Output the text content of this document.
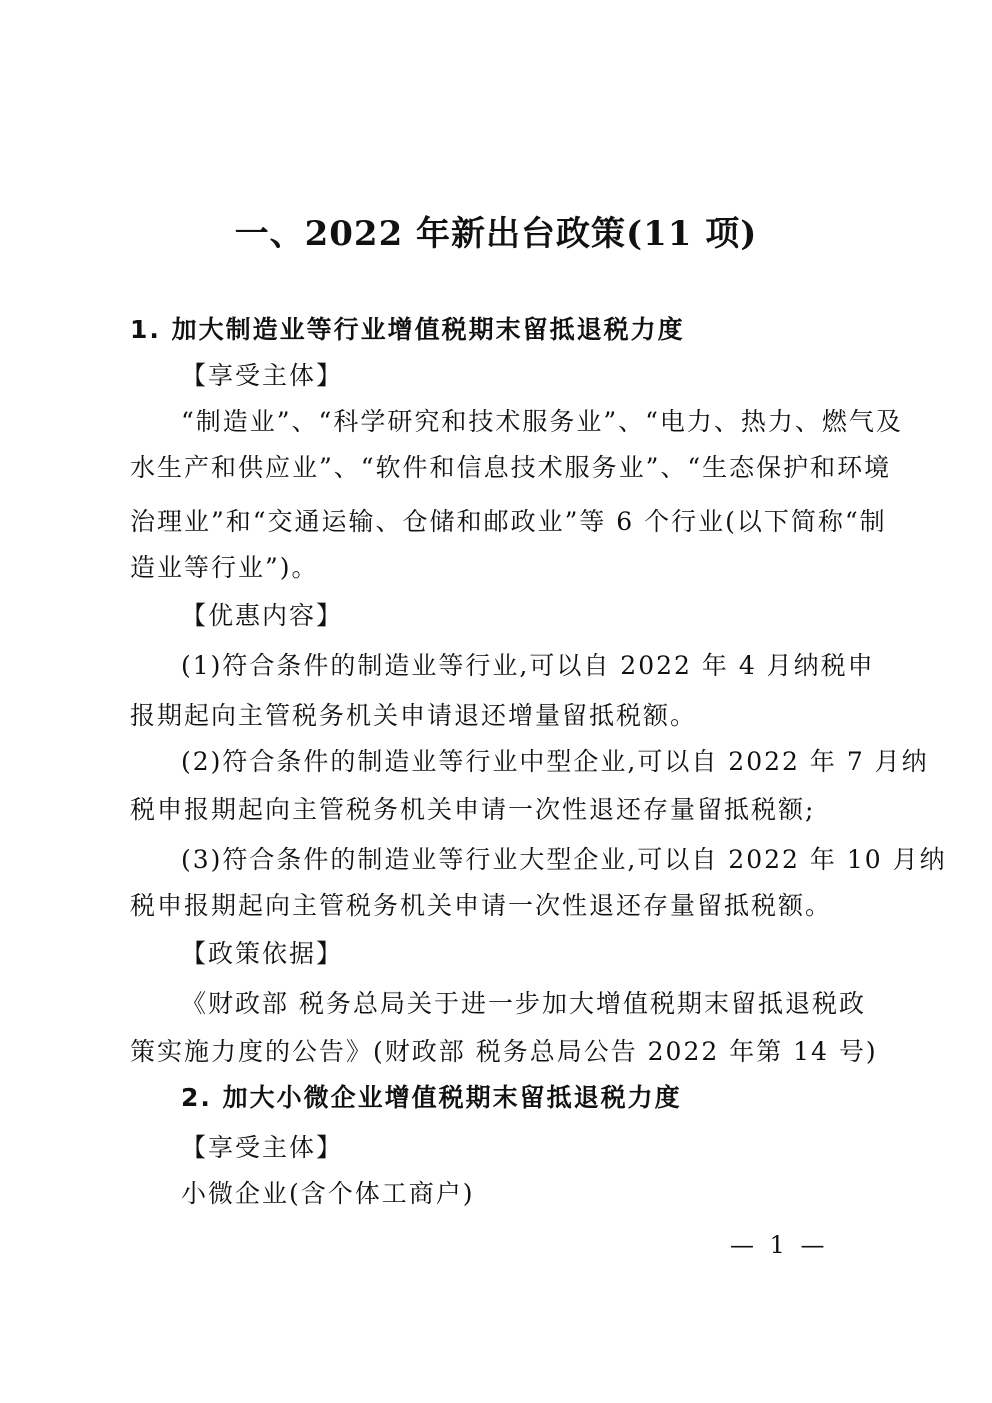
一、2022 年新出台政策(11 项)
1. 加大制造业等行业增值税期末留抵退税力度
【享受主体】
“制造业”、“科学研究和技术服务业”、“电力、热力、燃气及
水生产和供应业”、“软件和信息技术服务业”、“生态保护和环境
治理业”和“交通运输、仓储和邮政业”等 6 个行业(以下简称“制
造业等行业”)。
【优惠内容】
(1)符合条件的制造业等行业,可以自 2022 年 4 月纳税申
报期起向主管税务机关申请退还增量留抵税额。
(2)符合条件的制造业等行业中型企业,可以自 2022 年 7 月纳
税申报期起向主管税务机关申请一次性退还存量留抵税额;
(3)符合条件的制造业等行业大型企业,可以自 2022 年 10 月纳
税申报期起向主管税务机关申请一次性退还存量留抵税额。
【政策依据】
《财政部 税务总局关于进一步加大增值税期末留抵退税政
策实施力度的公告》(财政部 税务总局公告 2022 年第 14 号)
2. 加大小微企业增值税期末留抵退税力度
【享受主体】
小微企业(含个体工商户)
— 1 —
